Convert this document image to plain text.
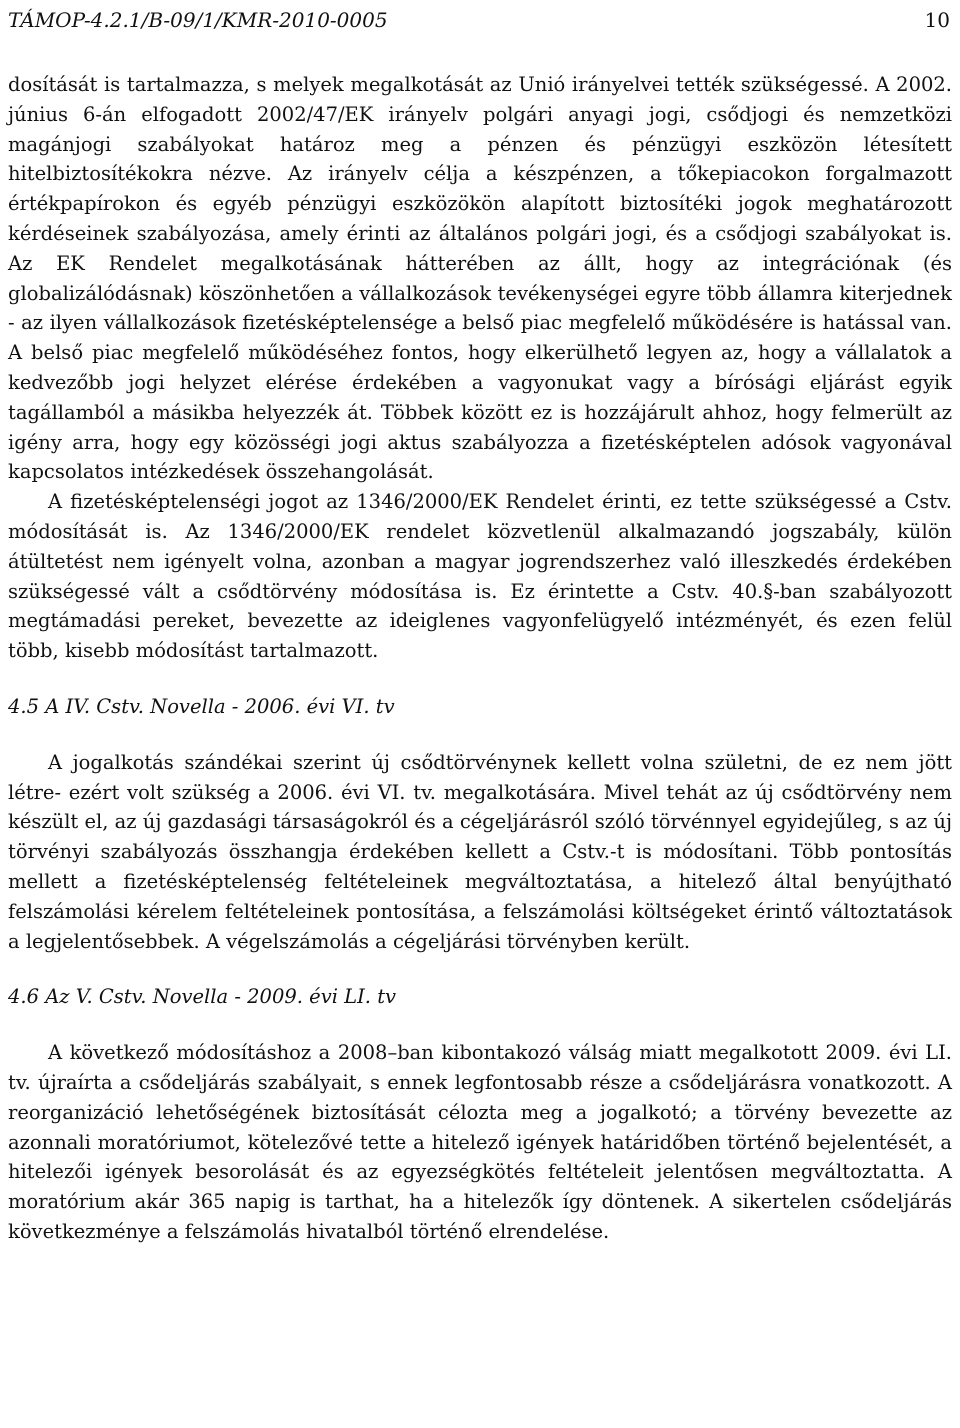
TÁMOP-4.2.1/B-09/1/KMR-2010-0005	10

dosítását is tartalmazza, s melyek megalkotását az Unió irányelvei tették szükségessé. A 2002. június 6-án elfogadott 2002/47/EK irányelv polgári anyagi jogi, csődjogi és nemzetközi magánjogi szabályokat határoz meg a pénzen és pénzügyi eszközön létesített hitelbiztosítékokra nézve. Az irányelv célja a készpénzen, a tőkepiacokon forgalmazott értékpapírokon és egyéb pénzügyi eszközökön alapított biztosítéki jogok meghatározott kérdéseinek szabályozása, amely érinti az általános polgári jogi, és a csődjogi szabályokat is. Az EK Rendelet megalkotásának hátterében az állt, hogy az integrációnak (és globalizálódásnak) köszönhetően a vállalkozások tevékenységei egyre több államra kiterjednek - az ilyen vállalkozások fizetésképtelensége a belső piac megfelelő működésére is hatással van. A belső piac megfelelő működéséhez fontos, hogy elkerülhető legyen az, hogy a vállalatok a kedvezőbb jogi helyzet elérése érdekében a vagyonukat vagy a bírósági eljárást egyik tagállamból a másikba helyezzék át. Többek között ez is hozzájárult ahhoz, hogy felmerült az igény arra, hogy egy közösségi jogi aktus szabályozza a fizetésképtelen adósok vagyonával kapcsolatos intézkedések összehangolását.

A fizetésképtelenségi jogot az 1346/2000/EK Rendelet érinti, ez tette szükségessé a Cstv. módosítását is. Az 1346/2000/EK rendelet közvetlenül alkalmazandó jogszabály, külön átültetést nem igényelt volna, azonban a magyar jogrendszerhez való illeszkedés érdekében szükségessé vált a csődtörvény módosítása is. Ez érintette a Cstv. 40.§-ban szabályozott megtámadási pereket, bevezette az ideiglenes vagyonfelügyelő intézményét, és ezen felül több, kisebb módosítást tartalmazott.

4.5 A IV. Cstv. Novella - 2006. évi VI. tv

A jogalkotás szándékai szerint új csődtörvénynek kellett volna születni, de ez nem jött létre- ezért volt szükség a 2006. évi VI. tv. megalkotására. Mivel tehát az új csődtörvény nem készült el, az új gazdasági társaságokról és a cégeljárásról szóló törvénnyel egyidejűleg, s az új törvényi szabályozás összhangja érdekében kellett a Cstv.-t is módosítani. Több pontosítás mellett a fizetésképtelenség feltételeinek megváltoztatása, a hitelező által benyújtható felszámolási kérelem feltételeinek pontosítása, a felszámolási költségeket érintő változtatások a legjelentősebbek. A végelszámolás a cégeljárási törvényben került.

4.6 Az V. Cstv. Novella - 2009. évi LI. tv

A következő módosításhoz a 2008–ban kibontakozó válság miatt megalkotott 2009. évi LI. tv. újraírta a csődeljárás szabályait, s ennek legfontosabb része a csődeljárásra vonatkozott. A reorganizáció lehetőségének biztosítását célozta meg a jogalkotó; a törvény bevezette az azonnali moratóriumot, kötelezővé tette a hitelező igények határidőben történő bejelentését, a hitelezői igények besorolását és az egyezségkötés feltételeit jelentősen megváltoztatta. A moratórium akár 365 napig is tarthat, ha a hitelezők így döntenek. A sikertelen csődeljárás következménye a felszámolás hivatalból történő elrendelése.
